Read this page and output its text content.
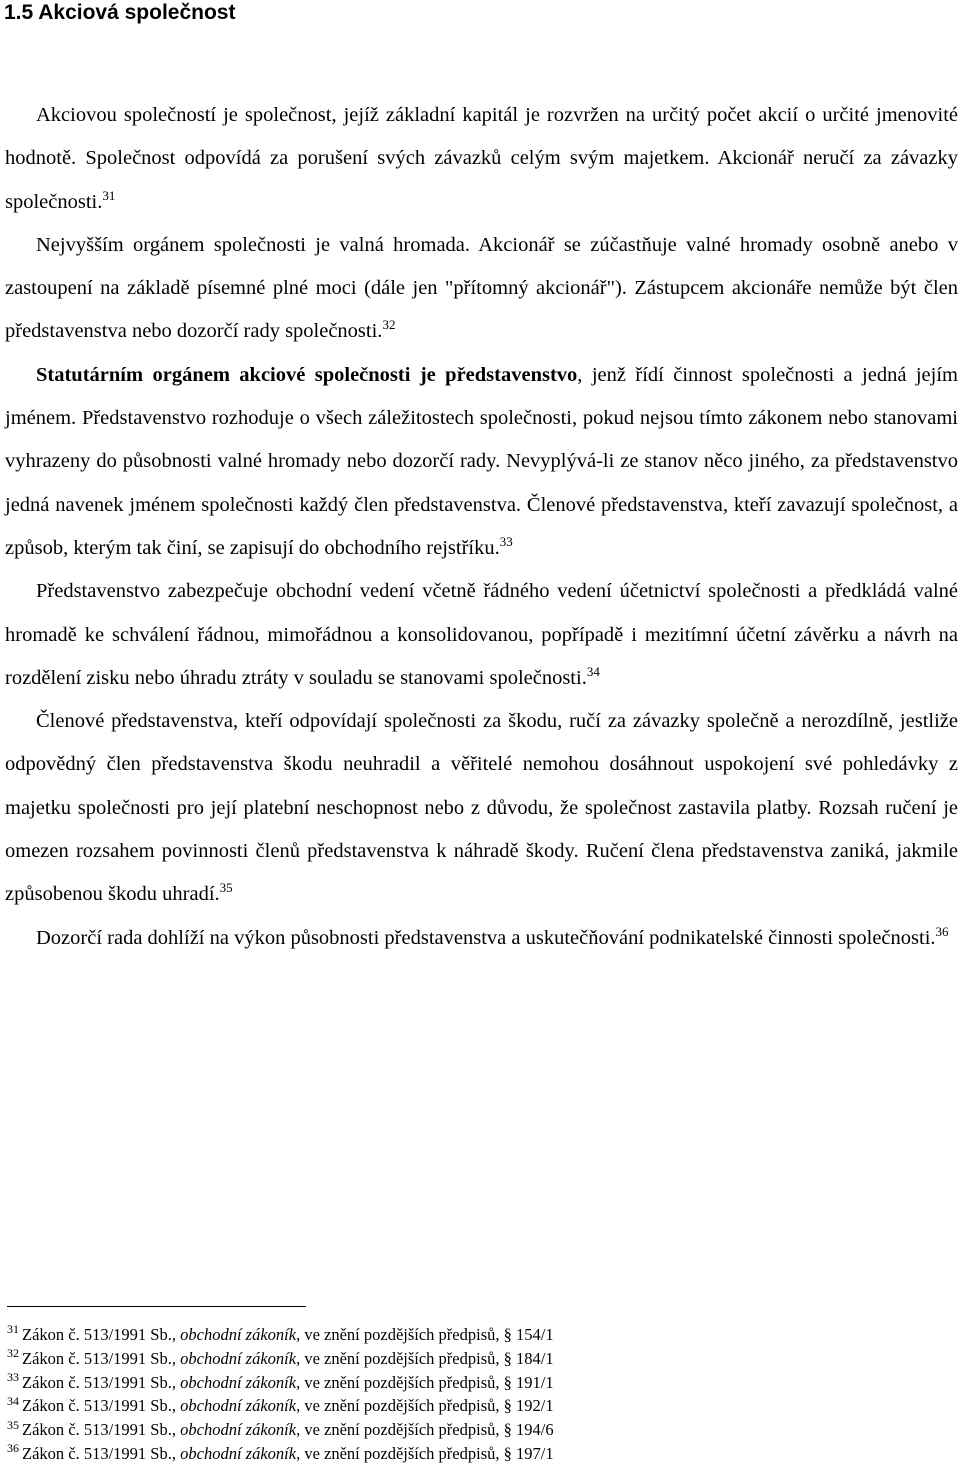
1.5 Akciová společnost

Akciovou společností je společnost, jejíž základní kapitál je rozvržen na určitý počet akcií o určité jmenovité hodnotě. Společnost odpovídá za porušení svých závazků celým svým majetkem. Akcionář neručí za závazky společnosti.$^{31}$

Nejvyšším orgánem společnosti je valná hromada. Akcionář se zúčastňuje valné hromady osobně anebo v zastoupení na základě písemné plné moci (dále jen "přítomný akcionář"). Zástupcem akcionáře nemůže být člen představenstva nebo dozorčí rady společnosti.$^{32}$

Statutárním orgánem akciové společnosti je představenstvo, jenž řídí činnost společnosti a jedná jejím jménem. Představenstvo rozhoduje o všech záležitostech společnosti, pokud nejsou tímto zákonem nebo stanovami vyhrazeny do působnosti valné hromady nebo dozorčí rady. Nevyplývá-li ze stanov něco jiného, za představenstvo jedná navenek jménem společnosti každý člen představenstva. Členové představenstva, kteří zavazují společnost, a způsob, kterým tak činí, se zapisují do obchodního rejstříku.$^{33}$

Představenstvo zabezpečuje obchodní vedení včetně řádného vedení účetnictví společnosti a předkládá valné hromadě ke schválení řádnou, mimořádnou a konsolidovanou, popřípadě i mezitímní účetní závěrku a návrh na rozdělení zisku nebo úhradu ztráty v souladu se stanovami společnosti.$^{34}$

Členové představenstva, kteří odpovídají společnosti za škodu, ručí za závazky společně a nerozdílně, jestliže odpovědný člen představenstva škodu neuhradil a věřitelé nemohou dosáhnout uspokojení své pohledávky z majetku společnosti pro její platební neschopnost nebo z důvodu, že společnost zastavila platby. Rozsah ručení je omezen rozsahem povinnosti členů představenstva k náhradě škody. Ručení člena představenstva zaniká, jakmile způsobenou škodu uhradí.$^{35}$

Dozorčí rada dohlíží na výkon působnosti představenstva a uskutečňování podnikatelské činnosti společnosti.$^{36}$

$^{31}$ Zákon č. 513/1991 Sb., obchodní zákoník, ve znění pozdějších předpisů, § 154/1
$^{32}$ Zákon č. 513/1991 Sb., obchodní zákoník, ve znění pozdějších předpisů, § 184/1
$^{33}$ Zákon č. 513/1991 Sb., obchodní zákoník, ve znění pozdějších předpisů, § 191/1
$^{34}$ Zákon č. 513/1991 Sb., obchodní zákoník, ve znění pozdějších předpisů, § 192/1
$^{35}$ Zákon č. 513/1991 Sb., obchodní zákoník, ve znění pozdějších předpisů, § 194/6
$^{36}$ Zákon č. 513/1991 Sb., obchodní zákoník, ve znění pozdějších předpisů, § 197/1
